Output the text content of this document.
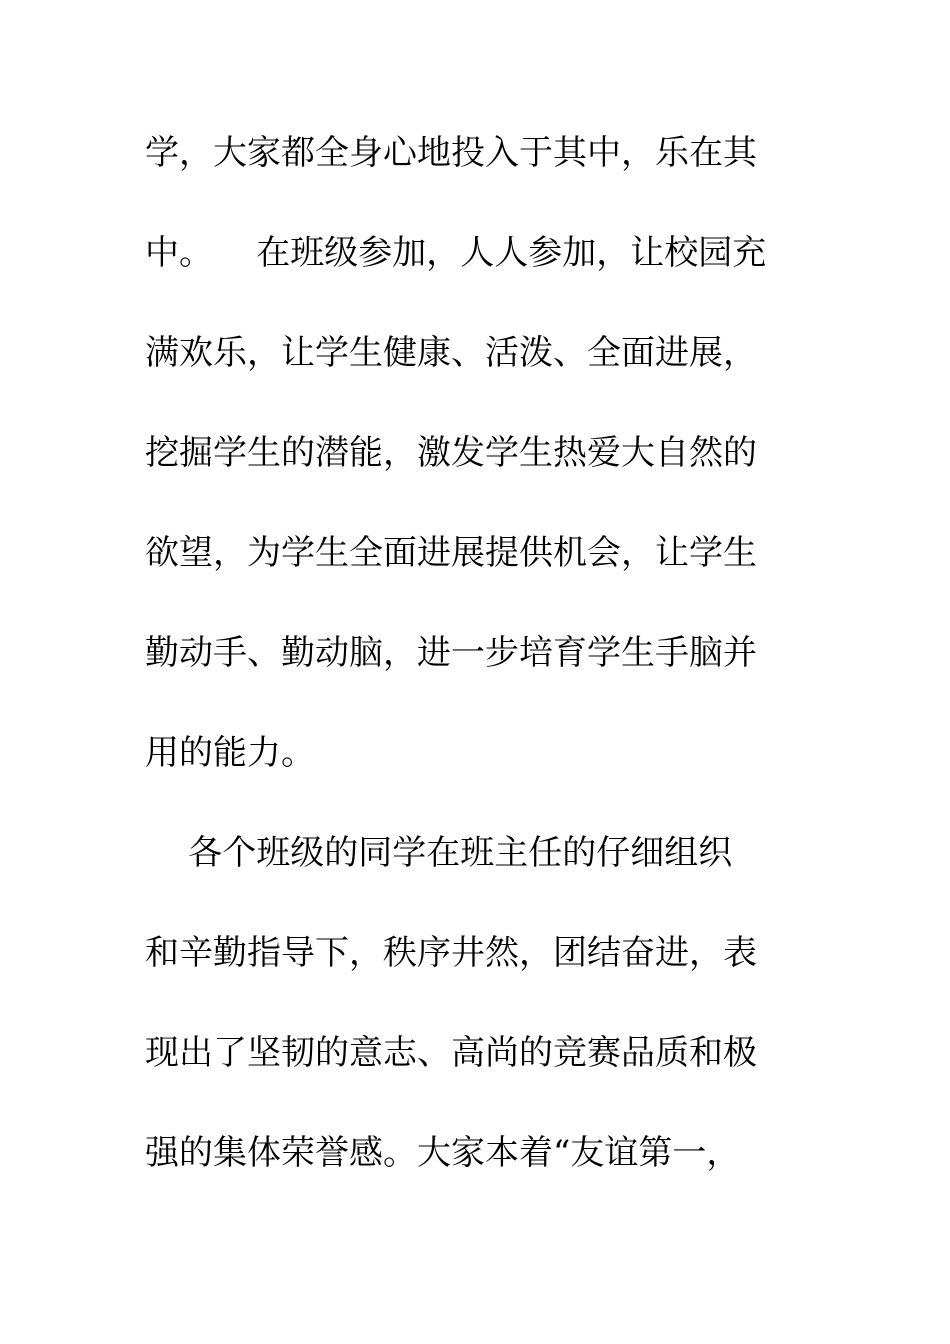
学，大家都全身心地投入于其中，乐在其
中。    在班级参加，人人参加，让校园充
满欢乐，让学生健康、活泼、全面进展，
挖掘学生的潜能，激发学生热爱大自然的
欲望，为学生全面进展提供机会，让学生
勤动手、勤动脑，进一步培育学生手脑并
用的能力。
各个班级的同学在班主任的仔细组织
和辛勤指导下，秩序井然，团结奋进，表
现出了坚韧的意志、高尚的竞赛品质和极
强的集体荣誉感。大家本着“友谊第一，
